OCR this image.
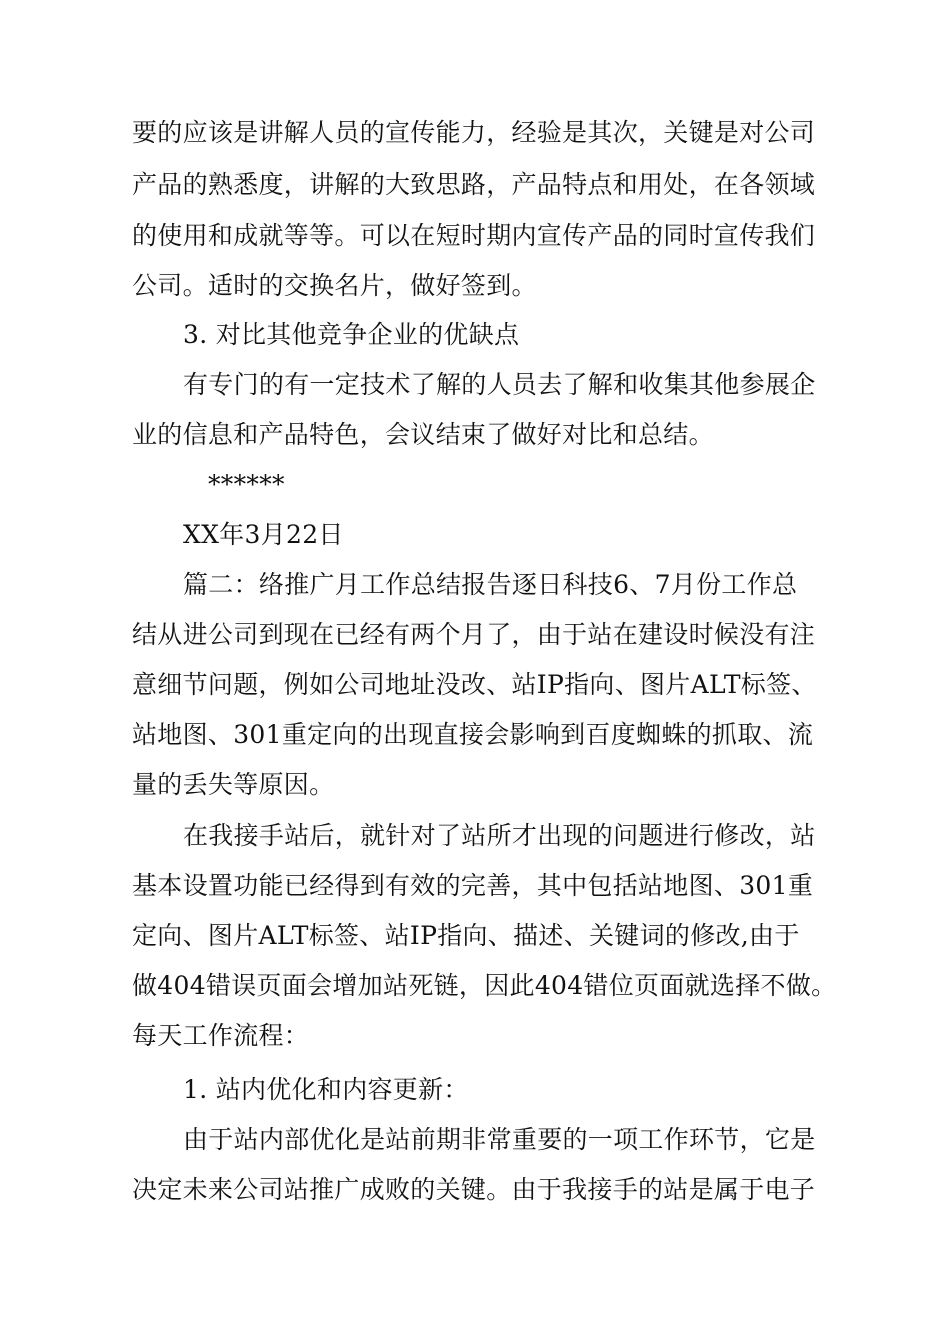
要的应该是讲解人员的宣传能力，经验是其次，关键是对公司
产品的熟悉度，讲解的大致思路，产品特点和用处，在各领域
的使用和成就等等。可以在短时期内宣传产品的同时宣传我们
公司。适时的交换名片，做好签到。
3. 对比其他竞争企业的优缺点
有专门的有一定技术了解的人员去了解和收集其他参展企
业的信息和产品特色，会议结束了做好对比和总结。
******
XX年3月22日
篇二：络推广月工作总结报告逐日科技6、7月份工作总
结从进公司到现在已经有两个月了，由于站在建设时候没有注
意细节问题，例如公司地址没改、站IP指向、图片ALT标签、
站地图、301重定向的出现直接会影响到百度蜘蛛的抓取、流
量的丢失等原因。
在我接手站后，就针对了站所才出现的问题进行修改，站
基本设置功能已经得到有效的完善，其中包括站地图、301重
定向、图片ALT标签、站IP指向、描述、关键词的修改,由于
做404错误页面会增加站死链，因此404错位页面就选择不做。
每天工作流程：
1. 站内优化和内容更新：
由于站内部优化是站前期非常重要的一项工作环节，它是
决定未来公司站推广成败的关键。由于我接手的站是属于电子
